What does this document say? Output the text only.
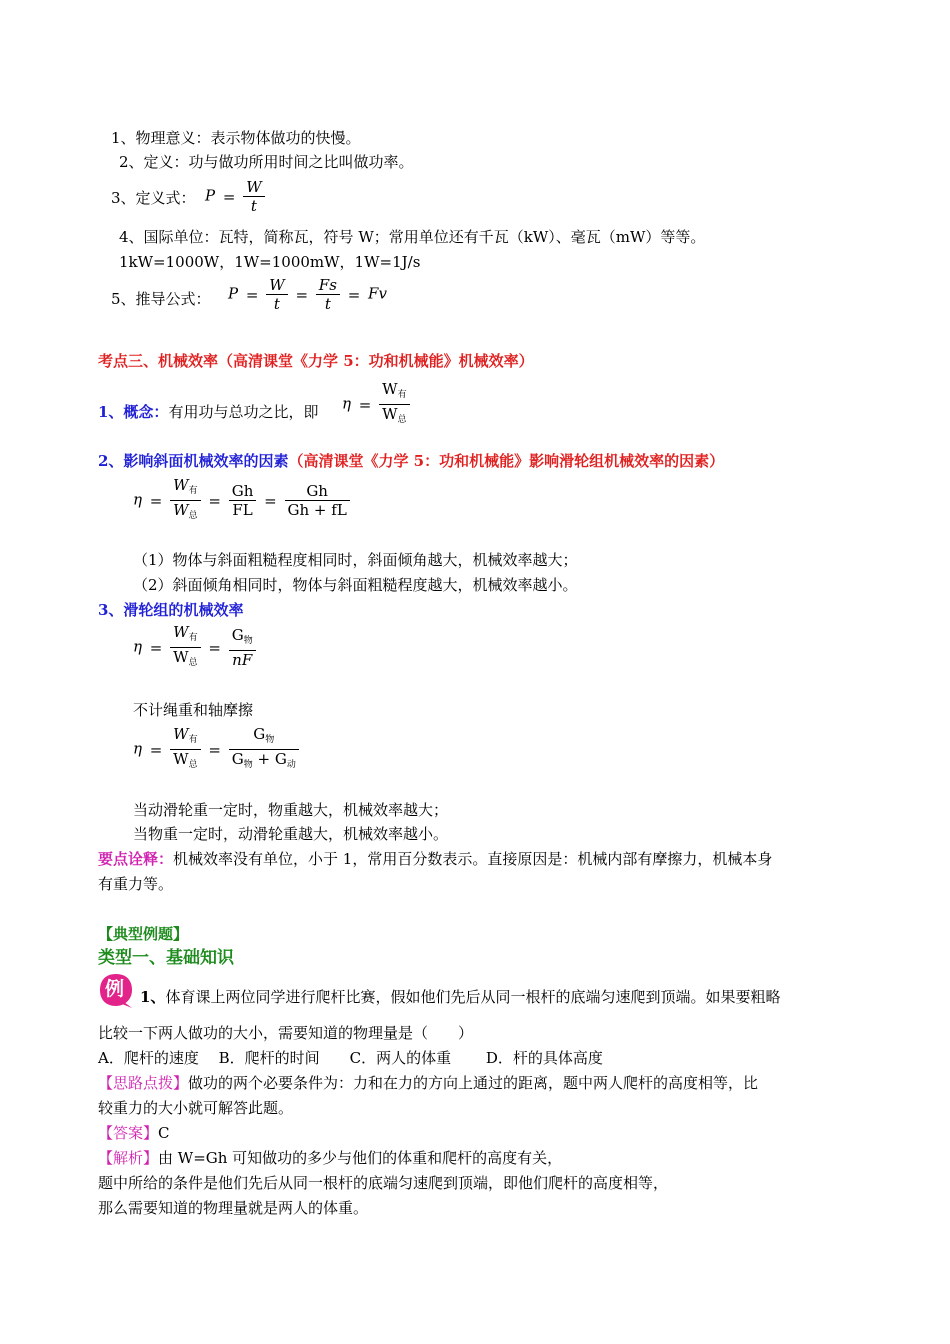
1、物理意义：表示物体做功的快慢。
2、定义：功与做功所用时间之比叫做功率。
3、定义式： $P = \frac{W}{t}$
4、国际单位：瓦特，简称瓦，符号 W；常用单位还有千瓦（kW）、毫瓦（mW）等等。
1kW=1000W，1W=1000mW，1W=1J/s
5、推导公式： $P = \frac{W}{t} = \frac{Fs}{t} = Fv$
考点三、机械效率（高清课堂《力学 5：功和机械能》机械效率）
1、概念：有用功与总功之比，即 $\eta = \frac{W_有}{W_总}$
2、影响斜面机械效率的因素（高清课堂《力学 5：功和机械能》影响滑轮组机械效率的因素）
$\eta = \frac{W_有}{W_总} = \frac{Gh}{FL} = \frac{Gh}{Gh + fL}$
（1）物体与斜面粗糙程度相同时，斜面倾角越大，机械效率越大；
（2）斜面倾角相同时，物体与斜面粗糙程度越大，机械效率越小。
3、滑轮组的机械效率
$\eta = \frac{W_有}{W_总} = \frac{G_物}{nF}$
不计绳重和轴摩擦
$\eta = \frac{W_有}{W_总} = \frac{G_物}{G_物 + G_动}$
当动滑轮重一定时，物重越大，机械效率越大；
当物重一定时，动滑轮重越大，机械效率越小。
要点诠释：机械效率没有单位，小于 1，常用百分数表示。直接原因是：机械内部有摩擦力，机械本身
有重力等。
【典型例题】
类型一、基础知识
例 1、体育课上两位同学进行爬杆比赛，假如他们先后从同一根杆的底端匀速爬到顶端。如果要粗略
比较一下两人做功的大小，需要知道的物理量是（　　）
A．爬杆的速度　 B．爬杆的时间　　C．两人的体重　　 D．杆的具体高度
【思路点拨】做功的两个必要条件为：力和在力的方向上通过的距离，题中两人爬杆的高度相等，比
较重力的大小就可解答此题。
【答案】C
【解析】由 W=Gh 可知做功的多少与他们的体重和爬杆的高度有关，
题中所给的条件是他们先后从同一根杆的底端匀速爬到顶端，即他们爬杆的高度相等，
那么需要知道的物理量就是两人的体重。
